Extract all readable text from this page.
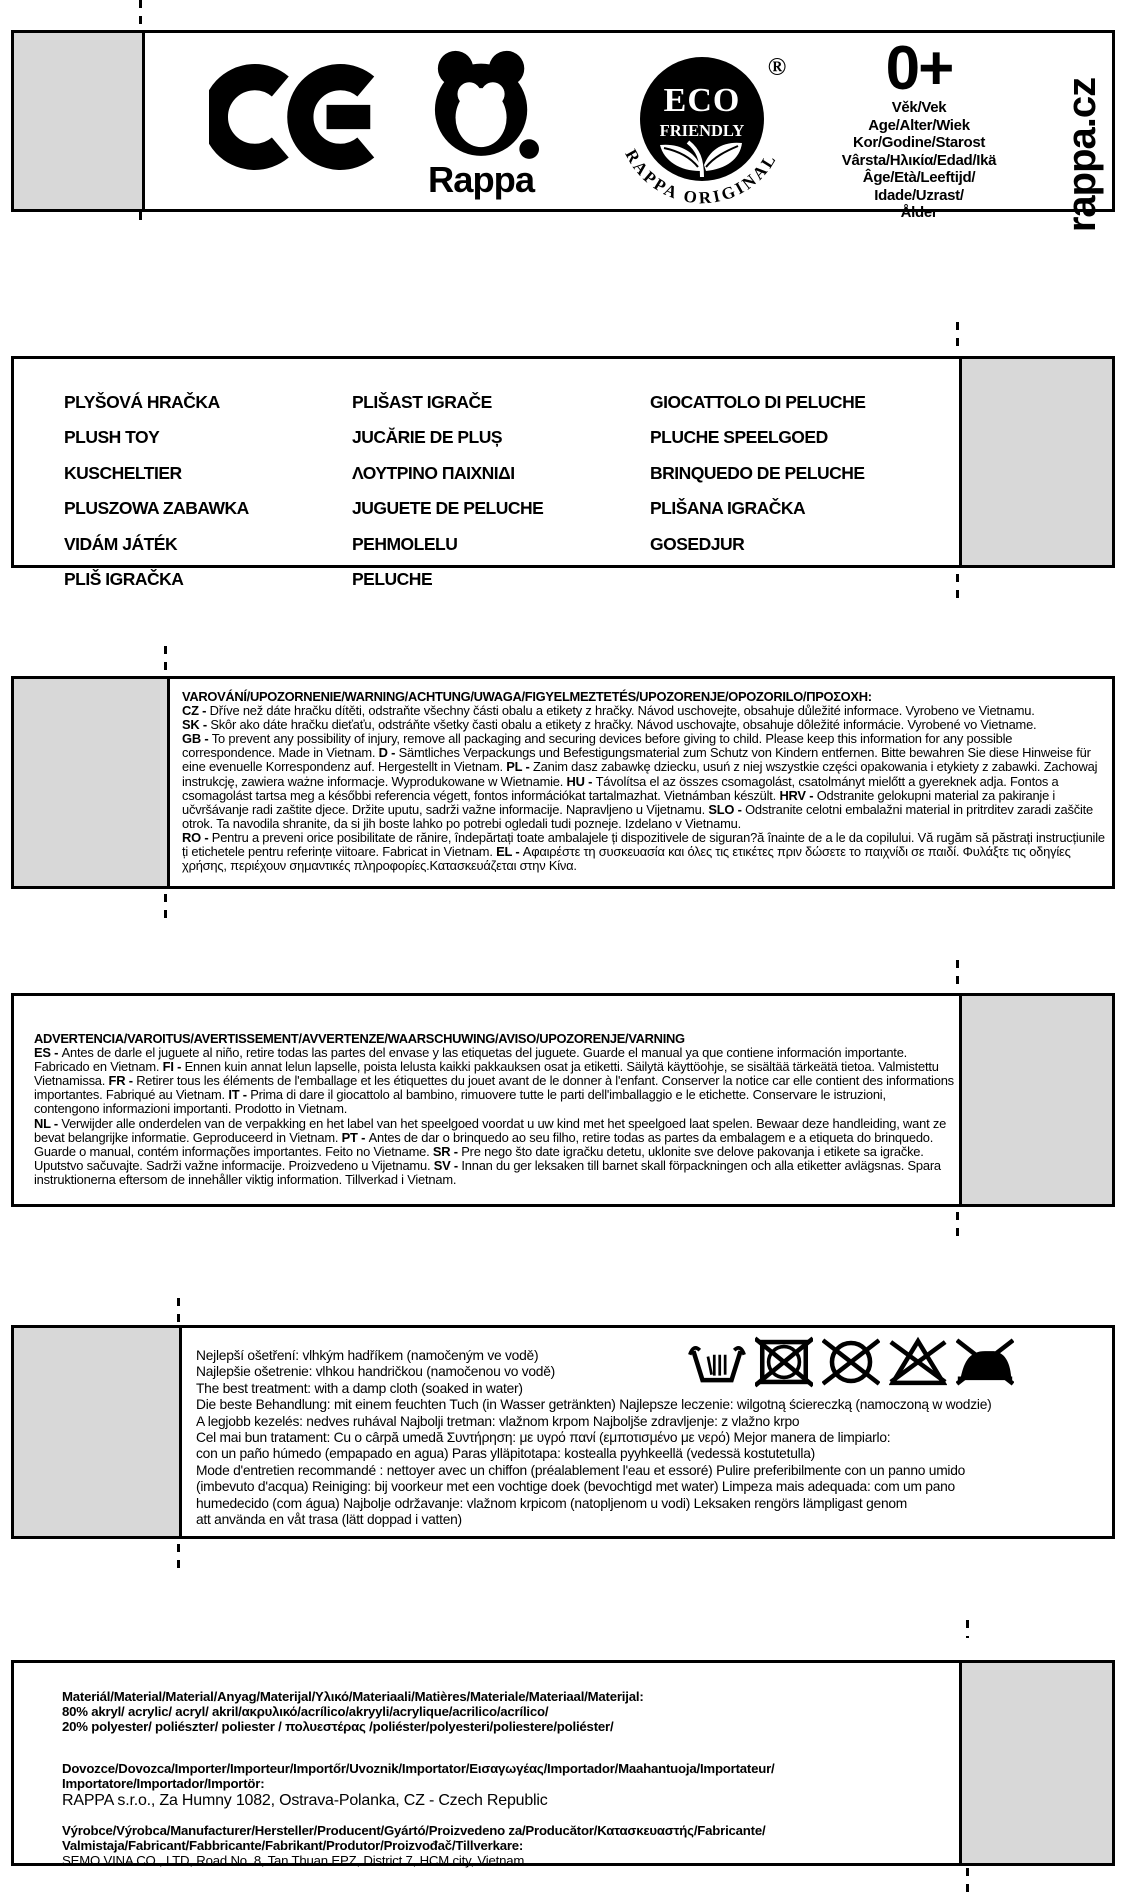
Rappa
®
ECO
FRIENDLY
RAPPA ORIGINAL
0+
Věk/Vek
Age/Alter/Wiek
Kor/Godine/Starost
Vârsta/Ηλικία/Edad/Ikä
Âge/Età/Leeftijd/
Idade/Uzrast/
Ålder	rappa.cz
PLYŠOVÁ HRAČKA
PLUSH TOY
KUSCHELTIER
PLUSZOWA ZABAWKA
VIDÁM JÁTÉK
PLIŠ IGRAČKA
PLIŠAST IGRAČE
JUCĂRIE DE PLUȘ
ΛΟΥΤΡΙΝΟ ΠΑΙΧΝΙΔΙ
JUGUETE DE PELUCHE
PEHMOLELU
PELUCHE
GIOCATTOLO DI PELUCHE
PLUCHE SPEELGOED
BRINQUEDO DE PELUCHE
PLIŠANA IGRAČKA
GOSEDJUR
VAROVÁNÍ/UPOZORNENIE/WARNING/ACHTUNG/UWAGA/FIGYELMEZTETÉS/UPOZORENJE/OPOZORILO/ΠΡΟΣΟΧΗ:

CZ - Dříve než dáte hračku dítěti, odstraňte všechny části obalu a etikety z hračky. Návod uschovejte, obsahuje důležité informace. Vyrobeno ve Vietnamu.

SK - Skôr ako dáte hračku dieťaťu, odstráňte všetky časti obalu a etikety z hračky. Návod uschovajte, obsahuje dôležité informácie. Vyrobené vo Vietname.

GB - To prevent any possibility of injury, remove all packaging and securing devices before giving to child. Please keep this information for any possible correspondence. Made in Vietnam. D - Sämtliches Verpackungs und Befestigungsmaterial zum Schutz von Kindern entfernen. Bitte bewahren Sie diese Hinweise für eine evenuelle Korrespondenz auf. Hergestellt in Vietnam. PL - Zanim dasz zabawkę dziecku, usuń z niej wszystkie części opakowania i etykiety z zabawki. Zachowaj instrukcję, zawiera ważne informacje. Wyprodukowane w Wietnamie. HU - Távolítsa el az összes csomagolást, csatolmányt mielőtt a gyereknek adja. Fontos a csomagolást tartsa meg a későbbi referencia végett, fontos információkat tartalmazhat. Vietnámban készült. HRV - Odstranite gelokupni material za pakiranje i učvršávanje radi zaštite djece. Držite uputu, sadrži važne informacije. Napravljeno u Vijetnamu. SLO - Odstranite celotni embalažni material in pritrditev zaradi zaščite otrok. Ta navodila shranite, da si jih boste lahko po potrebi ogledali tudi pozneje. Izdelano v Vietnamu.

RO - Pentru a preveni orice posibilitate de rănire, îndepărtați toate ambalajele ți dispozitivele de siguran?ă înainte de a le da copilului. Vă rugăm să păstrați instrucțiunile ți etichetele pentru referințe viitoare. Fabricat in Vietnam. EL - Αφαιρέστε τη συσκευασία και όλες τις ετικέτες πριν δώσετε το παιχνίδι σε παιδί. Φυλάξτε τις οδηγίες χρήσης, περιέχουν σημαντικές πληροφορίες.Κατασκευάζεται στην Κίνα.

ADVERTENCIA/VAROITUS/AVERTISSEMENT/AVVERTENZE/WAARSCHUWING/AVISO/UPOZORENJE/VARNING

ES - Antes de darle el juguete al niño, retire todas las partes del envase y las etiquetas del juguete. Guarde el manual ya que contiene información importante. Fabricado en Vietnam. FI - Ennen kuin annat lelun lapselle, poista lelusta kaikki pakkauksen osat ja etiketti. Säilytä käyttöohje, se sisältää tärkeätä tietoa. Valmistettu Vietnamissa. FR - Retirer tous les éléments de l'emballage et les étiquettes du jouet avant de le donner à l'enfant. Conserver la notice car elle contient des informations importantes. Fabriqué au Vietnam. IT - Prima di dare il giocattolo al bambino, rimuovere tutte le parti dell'imballaggio e le etichette. Conservare le istruzioni, contengono informazioni importanti. Prodotto in Vietnam.

NL - Verwijder alle onderdelen van de verpakking en het label van het speelgoed voordat u uw kind met het speelgoed laat spelen. Bewaar deze handleiding, want ze bevat belangrijke informatie. Geproduceerd in Vietnam. PT - Antes de dar o brinquedo ao seu filho, retire todas as partes da embalagem e a etiqueta do brinquedo. Guarde o manual, contém informações importantes. Feito no Vietname. SR - Pre nego što date igračku detetu, uklonite sve delove pakovanja i etikete sa igračke. Uputstvo sačuvajte. Sadrži važne informacije. Proizvedeno u Vijetnamu. SV - Innan du ger leksaken till barnet skall förpackningen och alla etiketter avlägsnas. Spara instruktionerna eftersom de innehåller viktig information. Tillverkad i Vietnam.

Nejlepší ošetření: vlhkým hadříkem (namočeným ve vodě)
Najlepšie ošetrenie: vlhkou handričkou (namočenou vo vodě)
The best treatment: with a damp cloth (soaked in water)
Die beste Behandlung: mit einem feuchten Tuch (in Wasser getränkten) Najlepsze leczenie: wilgotną ściereczką (namoczoną w wodzie)
A legjobb kezelés: nedves ruhával Najbolji tretman: vlažnom krpom Najboljše zdravljenje: z vlažno krpo
Cel mai bun tratament: Cu o cârpă umedă Συντήρηση: με υγρό πανί (εμποτισμένο με νερό) Mejor manera de limpiarlo:
con un paño húmedo (empapado en agua) Paras ylläpitotapa: kostealla pyyhkeellä (vedessä kostutetulla)
Mode d'entretien recommandé : nettoyer avec un chiffon (préalablement l'eau et essoré) Pulire preferibilmente con un panno umido
(imbevuto d'acqua) Reiniging: bij voorkeur met een vochtige doek (bevochtigd met water) Limpeza mais adequada: com um pano
humedecido (com água) Najbolje održavanje: vlažnom krpicom (natopljenom u vodi) Leksaken rengörs lämpligast genom
att använda en våt trasa (lätt doppad i vatten)
Materiál/Material/Material/Anyag/Materijal/Υλικό/Materiaali/Matières/Materiale/Materiaal/Materijal:
80% akryl/ acrylic/ acryl/ akril/ακρυλικό/acrílico/akryyli/acrylique/acrilico/acrílico/
20% polyester/ poliészter/ poliester / πολυεστέρας /poliéster/polyesteri/poliestere/poliéster/
Dovozce/Dovozca/Importer/Importeur/Importőr/Uvoznik/Importator/Εισαγωγέας/Importador/Maahantuoja/Importateur/
Importatore/Importador/Importör:
RAPPA s.r.o., Za Humny 1082, Ostrava-Polanka, CZ - Czech Republic
Výrobce/Výrobca/Manufacturer/Hersteller/Producent/Gyártó/Proizvedeno za/Producător/Κατασκευαστής/Fabricante/
Valmistaja/Fabricant/Fabbricante/Fabrikant/Produtor/Proizvođač/Tillverkare:
SEMO VINA CO., LTD, Road No. 8, Tan Thuan EPZ, District 7, HCM city, Vietnam
